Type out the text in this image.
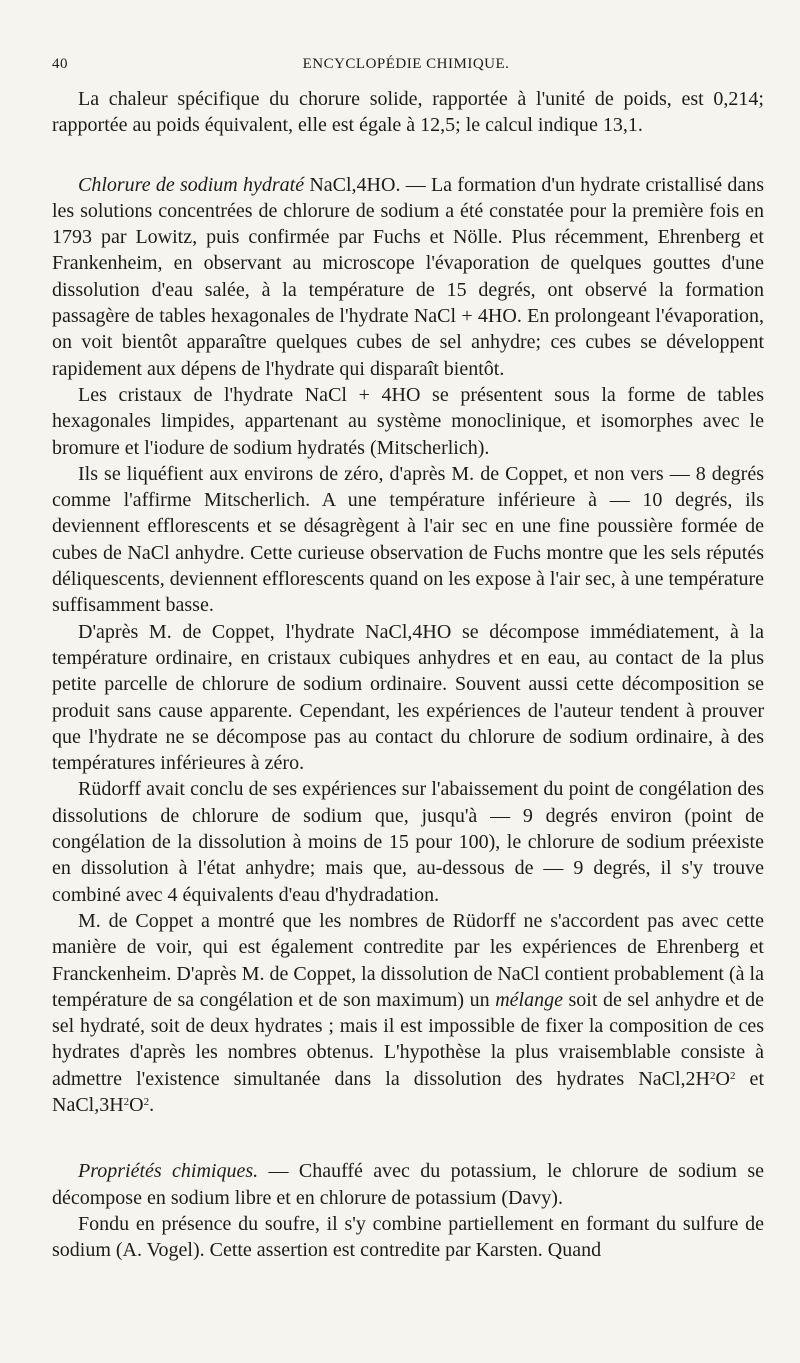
40	ENCYCLOPÉDIE CHIMIQUE.

La chaleur spécifique du chorure solide, rapportée à l'unité de poids, est 0,214; rapportée au poids équivalent, elle est égale à 12,5; le calcul indique 13,1.

Chlorure de sodium hydraté NaCl,4HO. — La formation d'un hydrate cristallisé dans les solutions concentrées de chlorure de sodium a été constatée pour la première fois en 1793 par Lowitz, puis confirmée par Fuchs et Nölle. Plus récemment, Ehrenberg et Frankenheim, en observant au microscope l'évaporation de quelques gouttes d'une dissolution d'eau salée, à la température de 15 degrés, ont observé la formation passagère de tables hexagonales de l'hydrate NaCl + 4HO. En prolongeant l'évaporation, on voit bientôt apparaître quelques cubes de sel anhydre; ces cubes se développent rapidement aux dépens de l'hydrate qui disparaît bientôt.

Les cristaux de l'hydrate NaCl + 4HO se présentent sous la forme de tables hexagonales limpides, appartenant au système monoclinique, et isomorphes avec le bromure et l'iodure de sodium hydratés (Mitscherlich).

Ils se liquéfient aux environs de zéro, d'après M. de Coppet, et non vers — 8 degrés comme l'affirme Mitscherlich. A une température inférieure à — 10 degrés, ils deviennent efflorescents et se désagrègent à l'air sec en une fine poussière formée de cubes de NaCl anhydre. Cette curieuse observation de Fuchs montre que les sels réputés déliquescents, deviennent efflorescents quand on les expose à l'air sec, à une température suffisamment basse.

D'après M. de Coppet, l'hydrate NaCl,4HO se décompose immédiatement, à la température ordinaire, en cristaux cubiques anhydres et en eau, au contact de la plus petite parcelle de chlorure de sodium ordinaire. Souvent aussi cette décomposition se produit sans cause apparente. Cependant, les expériences de l'auteur tendent à prouver que l'hydrate ne se décompose pas au contact du chlorure de sodium ordinaire, à des températures inférieures à zéro.

Rüdorff avait conclu de ses expériences sur l'abaissement du point de congélation des dissolutions de chlorure de sodium que, jusqu'à — 9 degrés environ (point de congélation de la dissolution à moins de 15 pour 100), le chlorure de sodium préexiste en dissolution à l'état anhydre; mais que, au-dessous de — 9 degrés, il s'y trouve combiné avec 4 équivalents d'eau d'hydradation.

M. de Coppet a montré que les nombres de Rüdorff ne s'accordent pas avec cette manière de voir, qui est également contredite par les expériences de Ehrenberg et Franckenheim. D'après M. de Coppet, la dissolution de NaCl contient probablement (à la température de sa congélation et de son maximum) un mélange soit de sel anhydre et de sel hydraté, soit de deux hydrates ; mais il est impossible de fixer la composition de ces hydrates d'après les nombres obtenus. L'hypothèse la plus vraisemblable consiste à admettre l'existence simultanée dans la dissolution des hydrates $NaCl,2H^2O^2$ et $NaCl,3H^2O^2$.

Propriétés chimiques. — Chauffé avec du potassium, le chlorure de sodium se décompose en sodium libre et en chlorure de potassium (Davy).

Fondu en présence du soufre, il s'y combine partiellement en formant du sulfure de sodium (A. Vogel). Cette assertion est contredite par Karsten. Quand
